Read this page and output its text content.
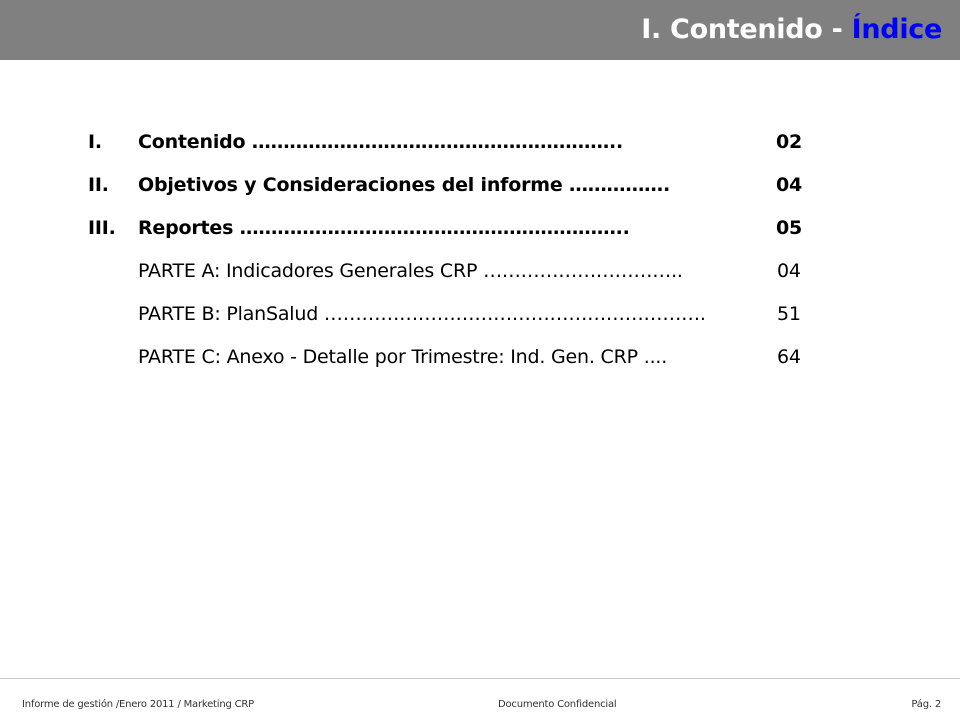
I. Contenido - Índice
I. Contenido …………………………………………………..	02
II. Objetivos y Consideraciones del informe …………….	04
III. Reportes ……………………………………………………..	05
PARTE A: Indicadores Generales CRP …………………………..	04
PARTE B: PlanSalud …………………………………………………….	51
PARTE C: Anexo - Detalle por Trimestre: Ind. Gen. CRP ....	64
Informe de gestión /Enero 2011 / Marketing CRP	Documento Confidencial	Pág. 2
